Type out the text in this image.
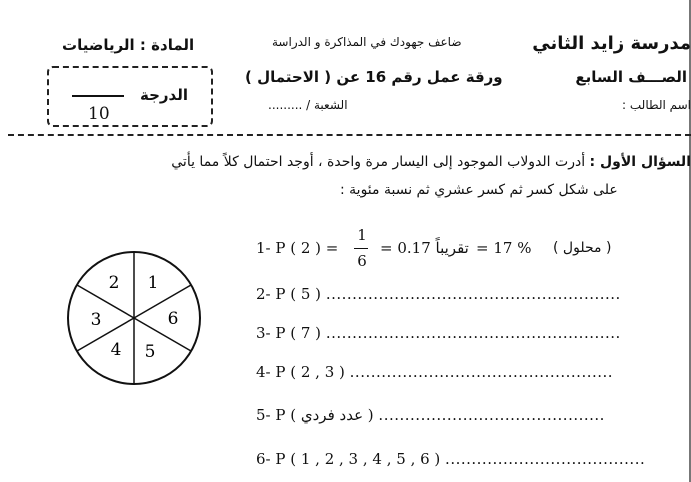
مدرسة زايد الثاني
الصـــف السابع
اسم الطالب :
ضاعف جهودك في المذاكرة و الدراسة
ورقة عمل رقم 16 عن ( الاحتمال )
الشعبة / .........
المادة : الرياضيات
الدرجة
10
السؤال الأول : أدرت الدولاب الموجود إلى اليسار مرة واحدة ، أوجد احتمال كلاً مما يأتي
على شكل كسر ثم كسر عشري ثم نسبة مئوية :
1- P ( 2 ) =
1
6
= 0.17 تقريباً = 17 % ( محلول )
2- P ( 5 ) ........................................................
3- P ( 7 ) ........................................................
4- P ( 2 , 3 ) ..................................................
5- P ( عدد فردي ) ...........................................
6- P ( 1 , 2 , 3 , 4 , 5 , 6 ) ......................................
1
6
5
4
3
2
